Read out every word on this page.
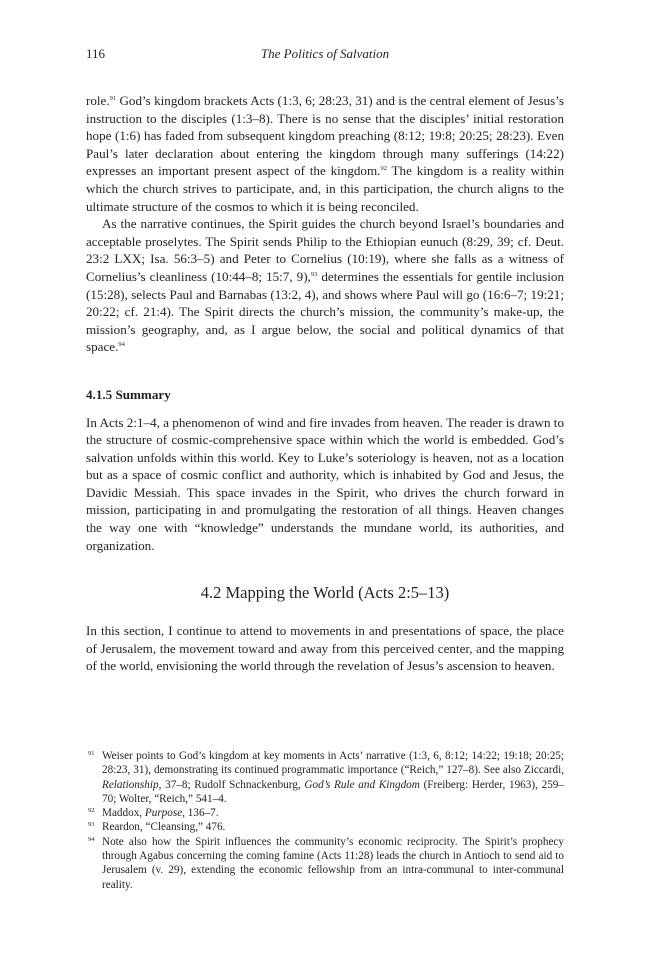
116	The Politics of Salvation

role.$^{91}$ God’s kingdom brackets Acts (1:3, 6; 28:23, 31) and is the central element of Jesus’s instruction to the disciples (1:3–8). There is no sense that the disciples’ initial restoration hope (1:6) has faded from subsequent kingdom preaching (8:12; 19:8; 20:25; 28:23). Even Paul’s later declaration about entering the kingdom through many sufferings (14:22) expresses an important present aspect of the kingdom.$^{92}$ The kingdom is a reality within which the church strives to participate, and, in this participation, the church aligns to the ultimate structure of the cosmos to which it is being reconciled.

As the narrative continues, the Spirit guides the church beyond Israel’s boundaries and acceptable proselytes. The Spirit sends Philip to the Ethiopian eunuch (8:29, 39; cf. Deut. 23:2 LXX; Isa. 56:3–5) and Peter to Cornelius (10:19), where she falls as a witness of Cornelius’s cleanliness (10:44–8; 15:7, 9),$^{93}$ determines the essentials for gentile inclusion (15:28), selects Paul and Barnabas (13:2, 4), and shows where Paul will go (16:6–7; 19:21; 20:22; cf. 21:4). The Spirit directs the church’s mission, the community’s make-up, the mission’s geography, and, as I argue below, the social and political dynamics of that space.$^{94}$

4.1.5 Summary

In Acts 2:1–4, a phenomenon of wind and fire invades from heaven. The reader is drawn to the structure of cosmic-comprehensive space within which the world is embedded. God’s salvation unfolds within this world. Key to Luke’s soteriology is heaven, not as a location but as a space of cosmic conflict and authority, which is inhabited by God and Jesus, the Davidic Messiah. This space invades in the Spirit, who drives the church forward in mission, participating in and promulgating the restoration of all things. Heaven changes the way one with “knowledge” understands the mundane world, its authorities, and organization.

4.2 Mapping the World (Acts 2:5–13)

In this section, I continue to attend to movements in and presentations of space, the place of Jerusalem, the movement toward and away from this perceived center, and the mapping of the world, envisioning the world through the revelation of Jesus’s ascension to heaven.

91 Weiser points to God’s kingdom at key moments in Acts’ narrative (1:3, 6, 8:12; 14:22; 19:18; 20:25; 28:23, 31), demonstrating its continued programmatic importance (“Reich,” 127–8). See also Ziccardi, Relationship, 37–8; Rudolf Schnackenburg, God’s Rule and Kingdom (Freiberg: Herder, 1963), 259–70; Wolter, “Reich,” 541–4.
92 Maddox, Purpose, 136–7.
93 Reardon, “Cleansing,” 476.
94 Note also how the Spirit influences the community’s economic reciprocity. The Spirit’s prophecy through Agabus concerning the coming famine (Acts 11:28) leads the church in Antioch to send aid to Jerusalem (v. 29), extending the economic fellowship from an intra-communal to inter-communal reality.
